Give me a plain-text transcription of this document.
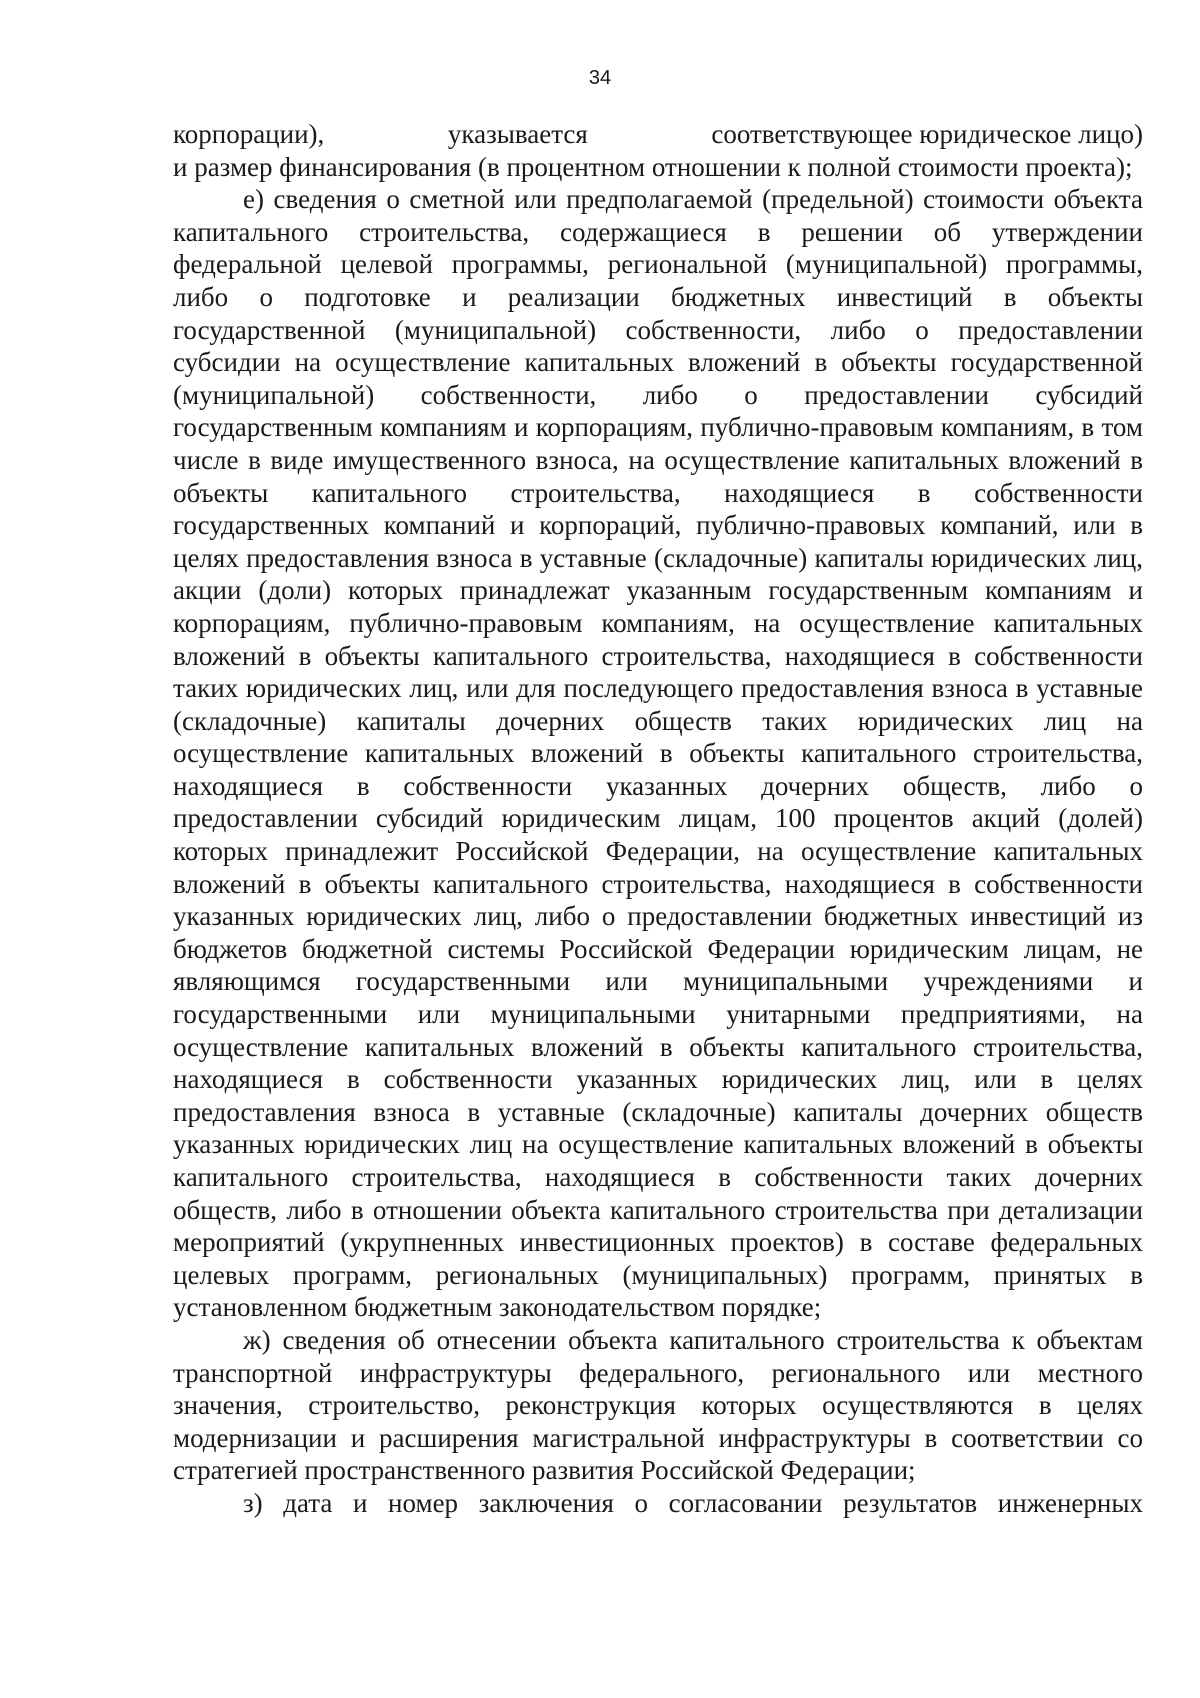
34
корпорации),	указывается	соответствующее юридическое лицо)

и размер финансирования (в процентном отношении к полной стоимости проекта);

е) сведения о сметной или предполагаемой (предельной) стоимости объекта капитального строительства, содержащиеся в решении об утверждении федеральной целевой программы, региональной (муниципальной) программы, либо о подготовке и реализации бюджетных инвестиций в объекты государственной (муниципальной) собственности, либо о предоставлении субсидии на осуществление капитальных вложений в объекты государственной (муниципальной) собственности, либо о предоставлении субсидий государственным компаниям и корпорациям, публично-правовым компаниям, в том числе в виде имущественного взноса, на осуществление капитальных вложений в объекты капитального строительства, находящиеся в собственности государственных компаний и корпораций, публично-правовых компаний, или в целях предоставления взноса в уставные (складочные) капиталы юридических лиц, акции (доли) которых принадлежат указанным государственным компаниям и корпорациям, публично-правовым компаниям, на осуществление капитальных вложений в объекты капитального строительства, находящиеся в собственности таких юридических лиц, или для последующего предоставления взноса в уставные (складочные) капиталы дочерних обществ таких юридических лиц на осуществление капитальных вложений в объекты капитального строительства, находящиеся в собственности указанных дочерних обществ, либо о предоставлении субсидий юридическим лицам, 100 процентов акций (долей) которых принадлежит Российской Федерации, на осуществление капитальных вложений в объекты капитального строительства, находящиеся в собственности указанных юридических лиц, либо о предоставлении бюджетных инвестиций из бюджетов бюджетной системы Российской Федерации юридическим лицам, не являющимся государственными или муниципальными учреждениями и государственными или муниципальными унитарными предприятиями, на осуществление капитальных вложений в объекты капитального строительства, находящиеся в собственности указанных юридических лиц, или в целях предоставления взноса в уставные (складочные) капиталы дочерних обществ указанных юридических лиц на осуществление капитальных вложений в объекты капитального строительства, находящиеся в собственности таких дочерних обществ, либо в отношении объекта капитального строительства при детализации мероприятий (укрупненных инвестиционных проектов) в составе федеральных целевых программ, региональных (муниципальных) программ, принятых в установленном бюджетным законодательством порядке;

ж) сведения об отнесении объекта капитального строительства к объектам транспортной инфраструктуры федерального, регионального или местного значения, строительство, реконструкция которых осуществляются в целях модернизации и расширения магистральной инфраструктуры в соответствии со стратегией пространственного развития Российской Федерации;

з) дата и номер заключения о согласовании результатов инженерных
